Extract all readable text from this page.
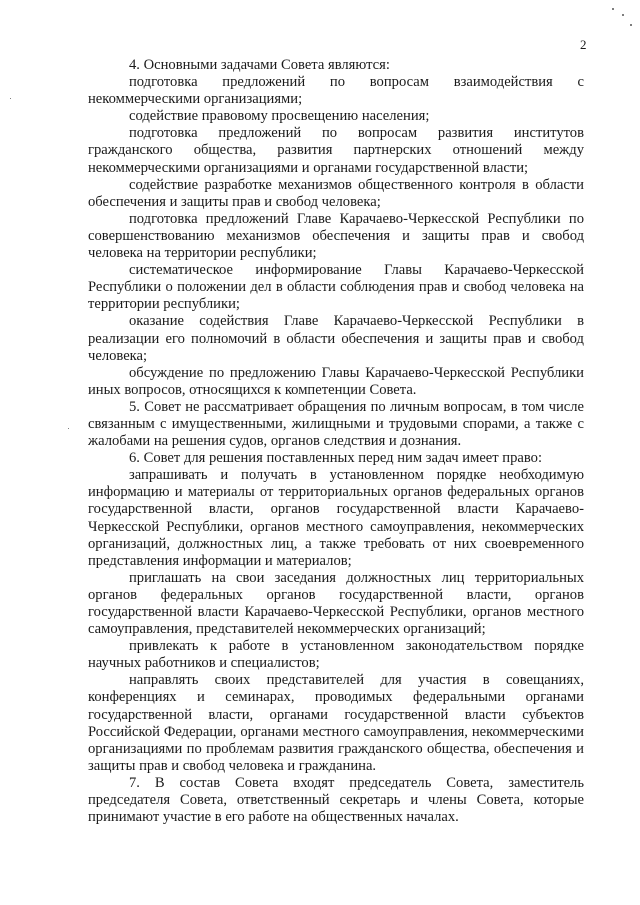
2

4. Основными задачами Совета являются:

подготовка предложений по вопросам взаимодействия с некоммерческими организациями;

содействие правовому просвещению населения;

подготовка предложений по вопросам развития институтов гражданского общества, развития партнерских отношений между некоммерческими организациями и органами государственной власти;

содействие разработке механизмов общественного контроля в области обеспечения и защиты прав и свобод человека;

подготовка предложений Главе Карачаево-Черкесской Республики по совершенствованию механизмов обеспечения и защиты прав и свобод человека на территории республики;

систематическое информирование Главы Карачаево-Черкесской Республики о положении дел в области соблюдения прав и свобод человека на территории республики;

оказание содействия Главе Карачаево-Черкесской Республики в реализации его полномочий в области обеспечения и защиты прав и свобод человека;

обсуждение по предложению Главы Карачаево-Черкесской Республики иных вопросов, относящихся к компетенции Совета.

5. Совет не рассматривает обращения по личным вопросам, в том числе связанным с имущественными, жилищными и трудовыми спорами, а также с жалобами на решения судов, органов следствия и дознания.

6. Совет для решения поставленных перед ним задач имеет право:

запрашивать и получать в установленном порядке необходимую информацию и материалы от территориальных органов федеральных органов государственной власти, органов государственной власти Карачаево-Черкесской Республики, органов местного самоуправления, некоммерческих организаций, должностных лиц, а также требовать от них своевременного представления информации и материалов;

приглашать на свои заседания должностных лиц территориальных органов федеральных органов государственной власти, органов государственной власти Карачаево-Черкесской Республики, органов местного самоуправления, представителей некоммерческих организаций;

привлекать к работе в установленном законодательством порядке научных работников и специалистов;

направлять своих представителей для участия в совещаниях, конференциях и семинарах, проводимых федеральными органами государственной власти, органами государственной власти субъектов Российской Федерации, органами местного самоуправления, некоммерческими организациями по проблемам развития гражданского общества, обеспечения и защиты прав и свобод человека и гражданина.

7. В состав Совета входят председатель Совета, заместитель председателя Совета, ответственный секретарь и члены Совета, которые принимают участие в его работе на общественных началах.
